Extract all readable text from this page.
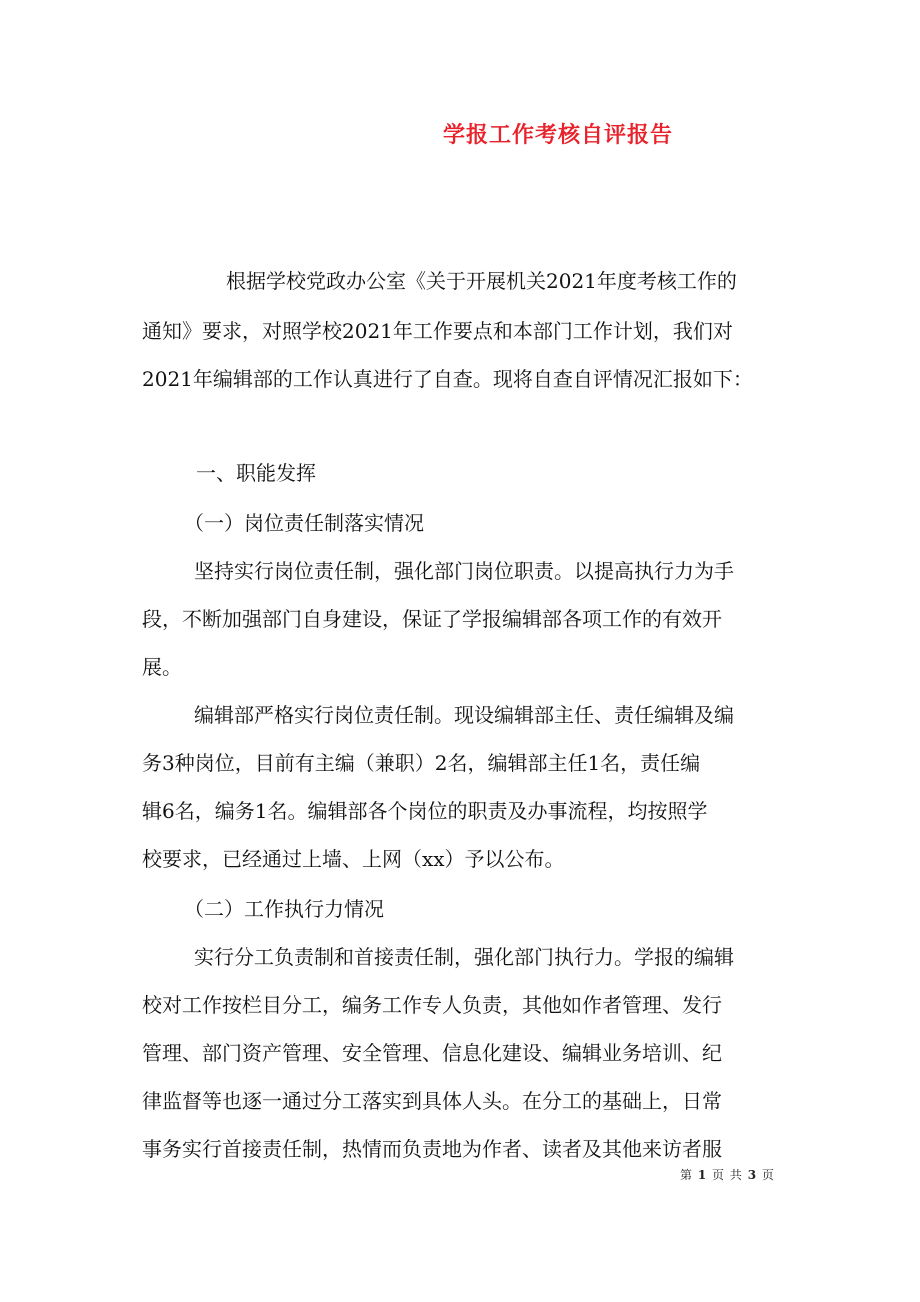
学报工作考核自评报告
根据学校党政办公室《关于开展机关2021年度考核工作的
通知》要求，对照学校2021年工作要点和本部门工作计划，我们对
2021年编辑部的工作认真进行了自查。现将自查自评情况汇报如下：
一、职能发挥
（一）岗位责任制落实情况
坚持实行岗位责任制，强化部门岗位职责。以提高执行力为手
段，不断加强部门自身建设，保证了学报编辑部各项工作的有效开
展。
编辑部严格实行岗位责任制。现设编辑部主任、责任编辑及编
务3种岗位，目前有主编（兼职）2名，编辑部主任1名，责任编
辑6名，编务1名。编辑部各个岗位的职责及办事流程，均按照学
校要求，已经通过上墙、上网（xx）予以公布。
（二）工作执行力情况
实行分工负责制和首接责任制，强化部门执行力。学报的编辑
校对工作按栏目分工，编务工作专人负责，其他如作者管理、发行
管理、部门资产管理、安全管理、信息化建设、编辑业务培训、纪
律监督等也逐一通过分工落实到具体人头。在分工的基础上，日常
事务实行首接责任制，热情而负责地为作者、读者及其他来访者服
第 1 页 共 3 页
